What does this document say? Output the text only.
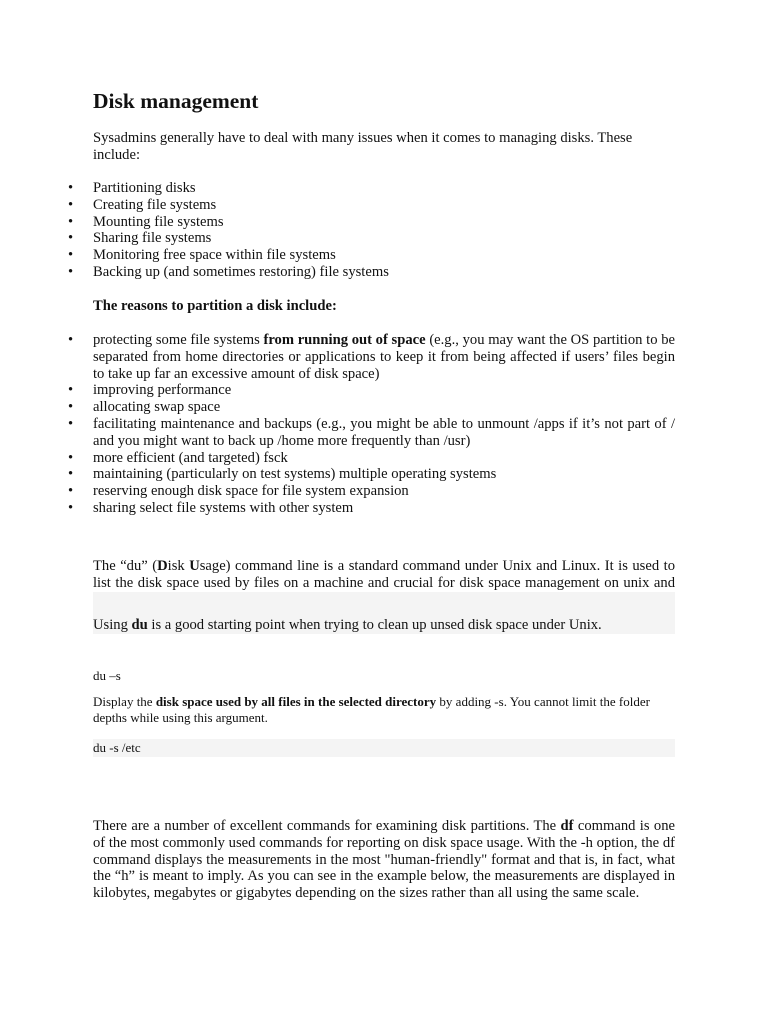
Disk management

Sysadmins generally have to deal with many issues when it comes to managing disks. These include:

• Partitioning disks
• Creating file systems
• Mounting file systems
• Sharing file systems
• Monitoring free space within file systems
• Backing up (and sometimes restoring) file systems

The reasons to partition a disk include:

• protecting some file systems from running out of space (e.g., you may want the OS partition to be separated from home directories or applications to keep it from being affected if users’ files begin to take up far an excessive amount of disk space)
• improving performance
• allocating swap space
• facilitating maintenance and backups (e.g., you might be able to unmount /apps if it’s not part of / and you might want to back up /home more frequently than /usr)
• more efficient (and targeted) fsck
• maintaining (particularly on test systems) multiple operating systems
• reserving enough disk space for file system expansion
• sharing select file systems with other system

The “du” (Disk Usage) command line is a standard command under Unix and Linux. It is used to list the disk space used by files on a machine and crucial for disk space management on unix and

Using du is a good starting point when trying to clean up unsed disk space under Unix.

du –s

Display the disk space used by all files in the selected directory by adding -s. You cannot limit the folder depths while using this argument.

du -s /etc

There are a number of excellent commands for examining disk partitions. The df command is one of the most commonly used commands for reporting on disk space usage. With the -h option, the df command displays the measurements in the most "human-friendly" format and that is, in fact, what the “h” is meant to imply. As you can see in the example below, the measurements are displayed in kilobytes, megabytes or gigabytes depending on the sizes rather than all using the same scale.
